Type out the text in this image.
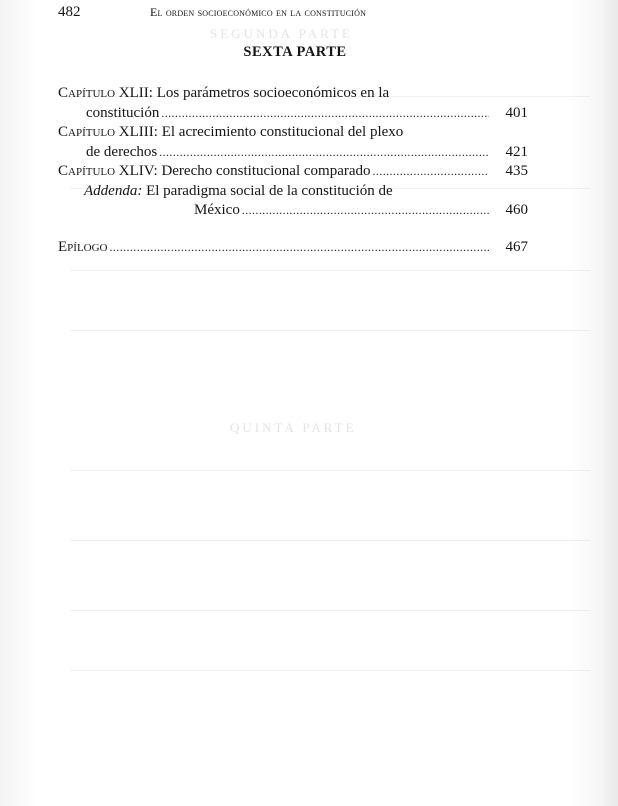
SEGUNDA PARTE
QUINTA PARTE
482	El orden socioeconómico en la constitución
SEXTA PARTE
Capítulo XLII:
Los parámetros socioeconómicos en la
constitución .....	401
Capítulo XLIII:
El acrecimiento constitucional del plexo
de derechos .....	421
Capítulo XLIV:
Derecho constitucional comparado .....	435
Addenda:
El paradigma social de la constitución de
México .....	460
Epílogo .....	467
